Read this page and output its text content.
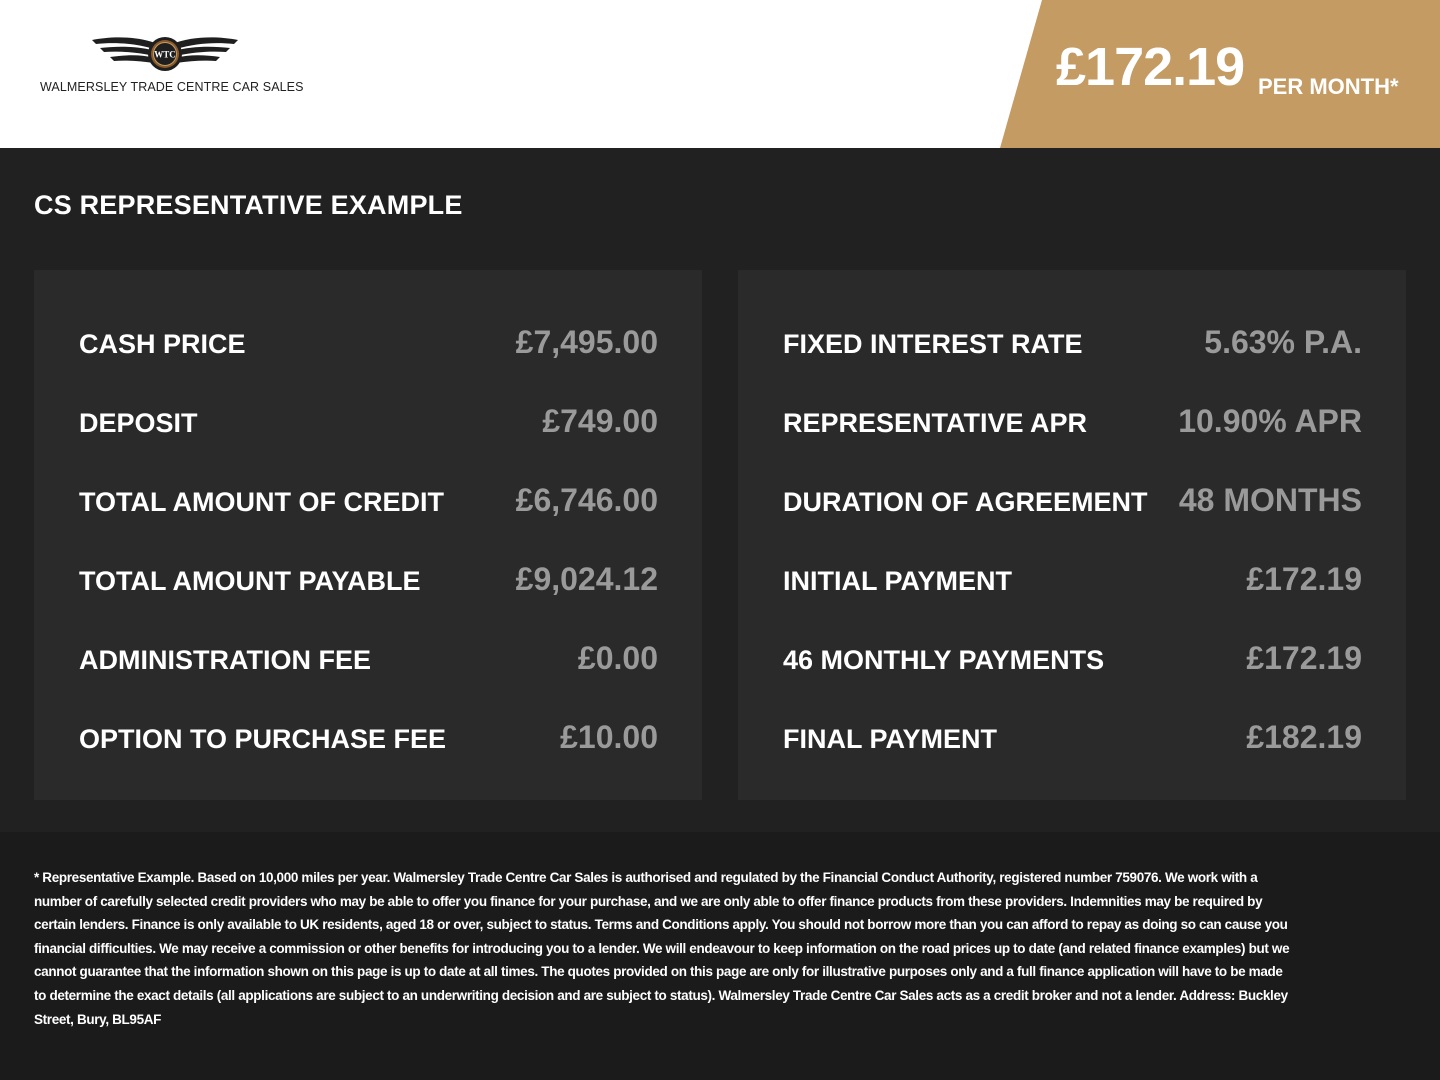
WTC
WALMERSLEY TRADE CENTRE CAR SALES	£172.19 PER MONTH*
CS REPRESENTATIVE EXAMPLE
CASH PRICE	£7,495.00
DEPOSIT	£749.00
TOTAL AMOUNT OF CREDIT £6,746.00
TOTAL AMOUNT PAYABLE	£9,024.12
ADMINISTRATION FEE	£0.00
OPTION TO PURCHASE FEE	£10.00
FIXED INTEREST RATE	5.63% P.A.
REPRESENTATIVE APR	10.90% APR
DURATION OF AGREEMENT 48 MONTHS
INITIAL PAYMENT	£172.19
46 MONTHLY PAYMENTS	£172.19
FINAL PAYMENT	£182.19
* Representative Example. Based on 10,000 miles per year. Walmersley Trade Centre Car Sales is authorised and regulated by the Financial Conduct Authority, registered number 759076. We work with a number of carefully selected credit providers who may be able to offer you finance for your purchase, and we are only able to offer finance products from these providers. Indemnities may be required by certain lenders. Finance is only available to UK residents, aged 18 or over, subject to status. Terms and Conditions apply. You should not borrow more than you can afford to repay as doing so can cause you financial difficulties. We may receive a commission or other benefits for introducing you to a lender. We will endeavour to keep information on the road prices up to date (and related finance examples) but we cannot guarantee that the information shown on this page is up to date at all times. The quotes provided on this page are only for illustrative purposes only and a full finance application will have to be made to determine the exact details (all applications are subject to an underwriting decision and are subject to status). Walmersley Trade Centre Car Sales acts as a credit broker and not a lender. Address: Buckley Street, Bury, BL95AF
